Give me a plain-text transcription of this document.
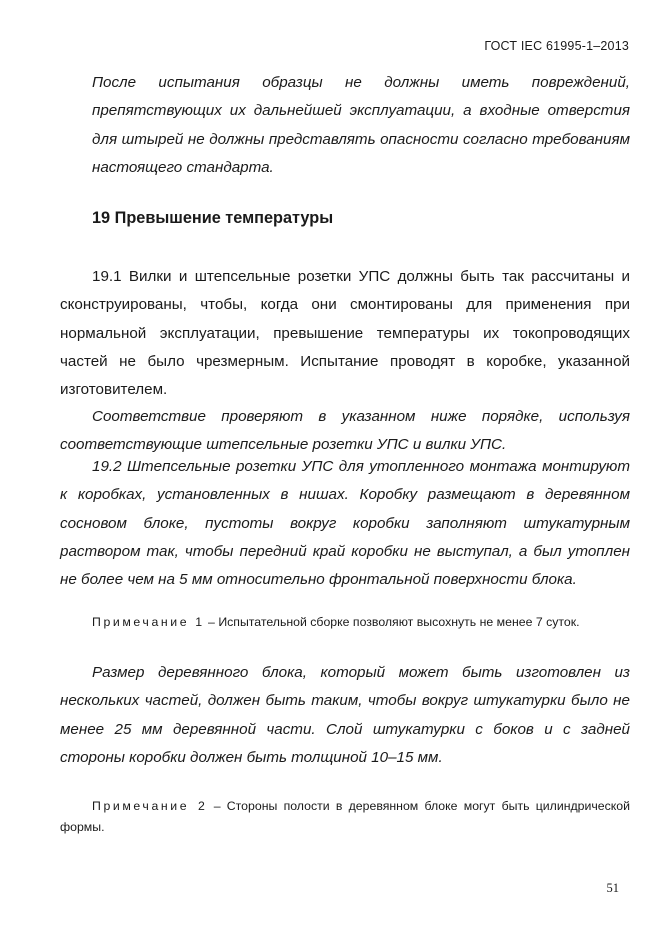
ГОСТ IEC 61995-1–2013
После испытания образцы не должны иметь повреждений, препятствующих их дальнейшей эксплуатации, а входные отверстия для штырей не должны представлять опасности согласно требованиям настоящего стандарта.
19 Превышение температуры
19.1 Вилки и штепсельные розетки УПС должны быть так рассчитаны и сконструированы, чтобы, когда они смонтированы для применения при нормальной эксплуатации, превышение температуры их токопроводящих частей не было чрезмерным. Испытание проводят в коробке, указанной изготовителем.
Соответствие проверяют в указанном ниже порядке, используя соответствующие штепсельные розетки УПС и вилки УПС.
19.2 Штепсельные розетки УПС для утопленного монтажа монтируют к коробках, установленных в нишах. Коробку размещают в деревянном сосновом блоке, пустоты вокруг коробки заполняют штукатурным раствором так, чтобы передний край коробки не выступал, а был утоплен не более чем на 5 мм относительно фронтальной поверхности блока.
Примечание 1 – Испытательной сборке позволяют высохнуть не менее 7 суток.
Размер деревянного блока, который может быть изготовлен из нескольких частей, должен быть таким, чтобы вокруг штукатурки было не менее 25 мм деревянной части. Слой штукатурки с боков и с задней стороны коробки должен быть толщиной 10–15 мм.
Примечание 2 – Стороны полости в деревянном блоке могут быть цилиндрической формы.
51
